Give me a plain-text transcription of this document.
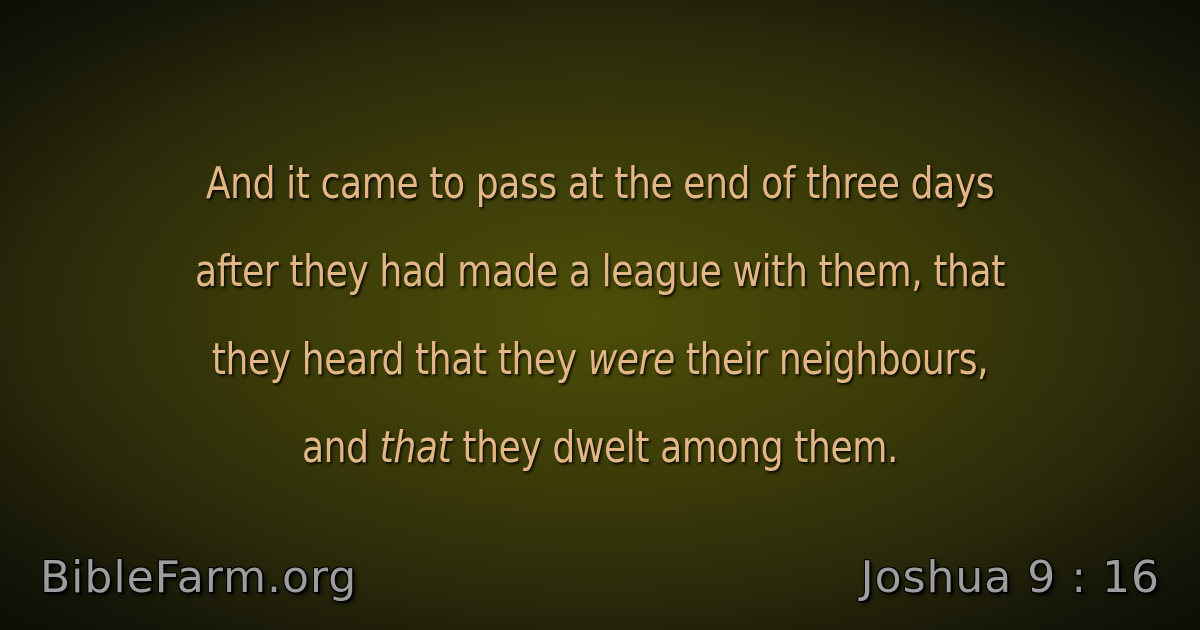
And it came to pass at the end of three days
after they had made a league with them, that
they heard that they were their neighbours,
and that they dwelt among them.
BibleFarm.org	Joshua 9 : 16
